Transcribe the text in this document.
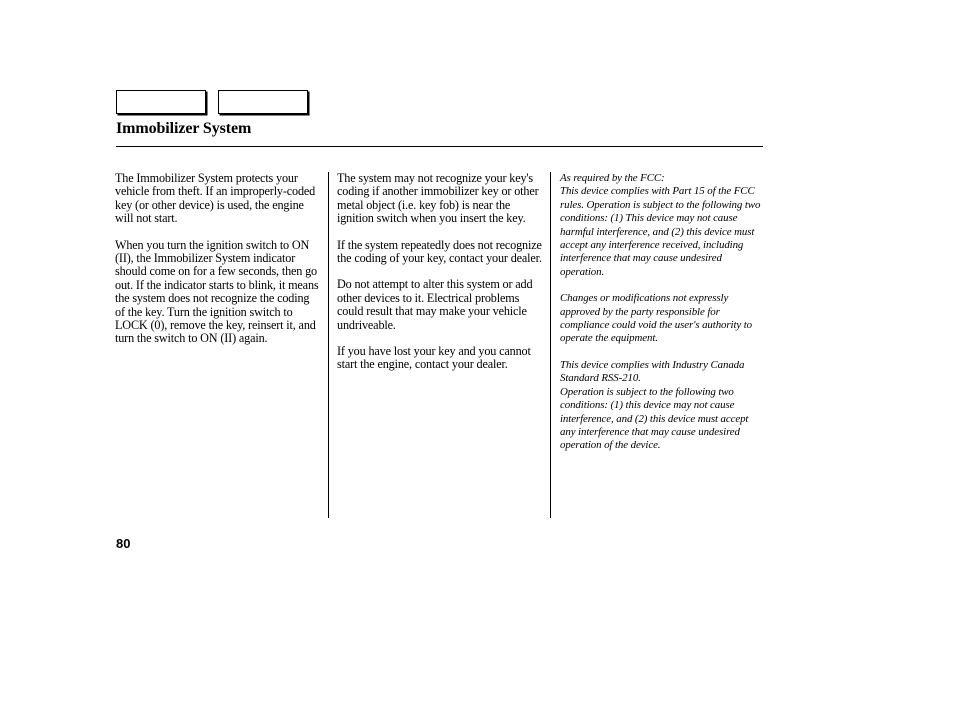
Immobilizer System

The Immobilizer System protects your vehicle from theft. If an improperly-coded key (or other device) is used, the engine will not start.

When you turn the ignition switch to ON (II), the Immobilizer System indicator should come on for a few seconds, then go out. If the indicator starts to blink, it means the system does not recognize the coding of the key. Turn the ignition switch to LOCK (0), remove the key, reinsert it, and turn the switch to ON (II) again.

The system may not recognize your key's coding if another immobilizer key or other metal object (i.e. key fob) is near the ignition switch when you insert the key.

If the system repeatedly does not recognize the coding of your key, contact your dealer.

Do not attempt to alter this system or add other devices to it. Electrical problems could result that may make your vehicle undriveable.

If you have lost your key and you cannot start the engine, contact your dealer.

As required by the FCC:
This device complies with Part 15 of the FCC rules. Operation is subject to the following two conditions: (1) This device may not cause harmful interference, and (2) this device must accept any interference received, including interference that may cause undesired operation.

Changes or modifications not expressly approved by the party responsible for compliance could void the user's authority to operate the equipment.

This device complies with Industry Canada Standard RSS-210.
Operation is subject to the following two conditions: (1) this device may not cause interference, and (2) this device must accept any interference that may cause undesired operation of the device.

80
